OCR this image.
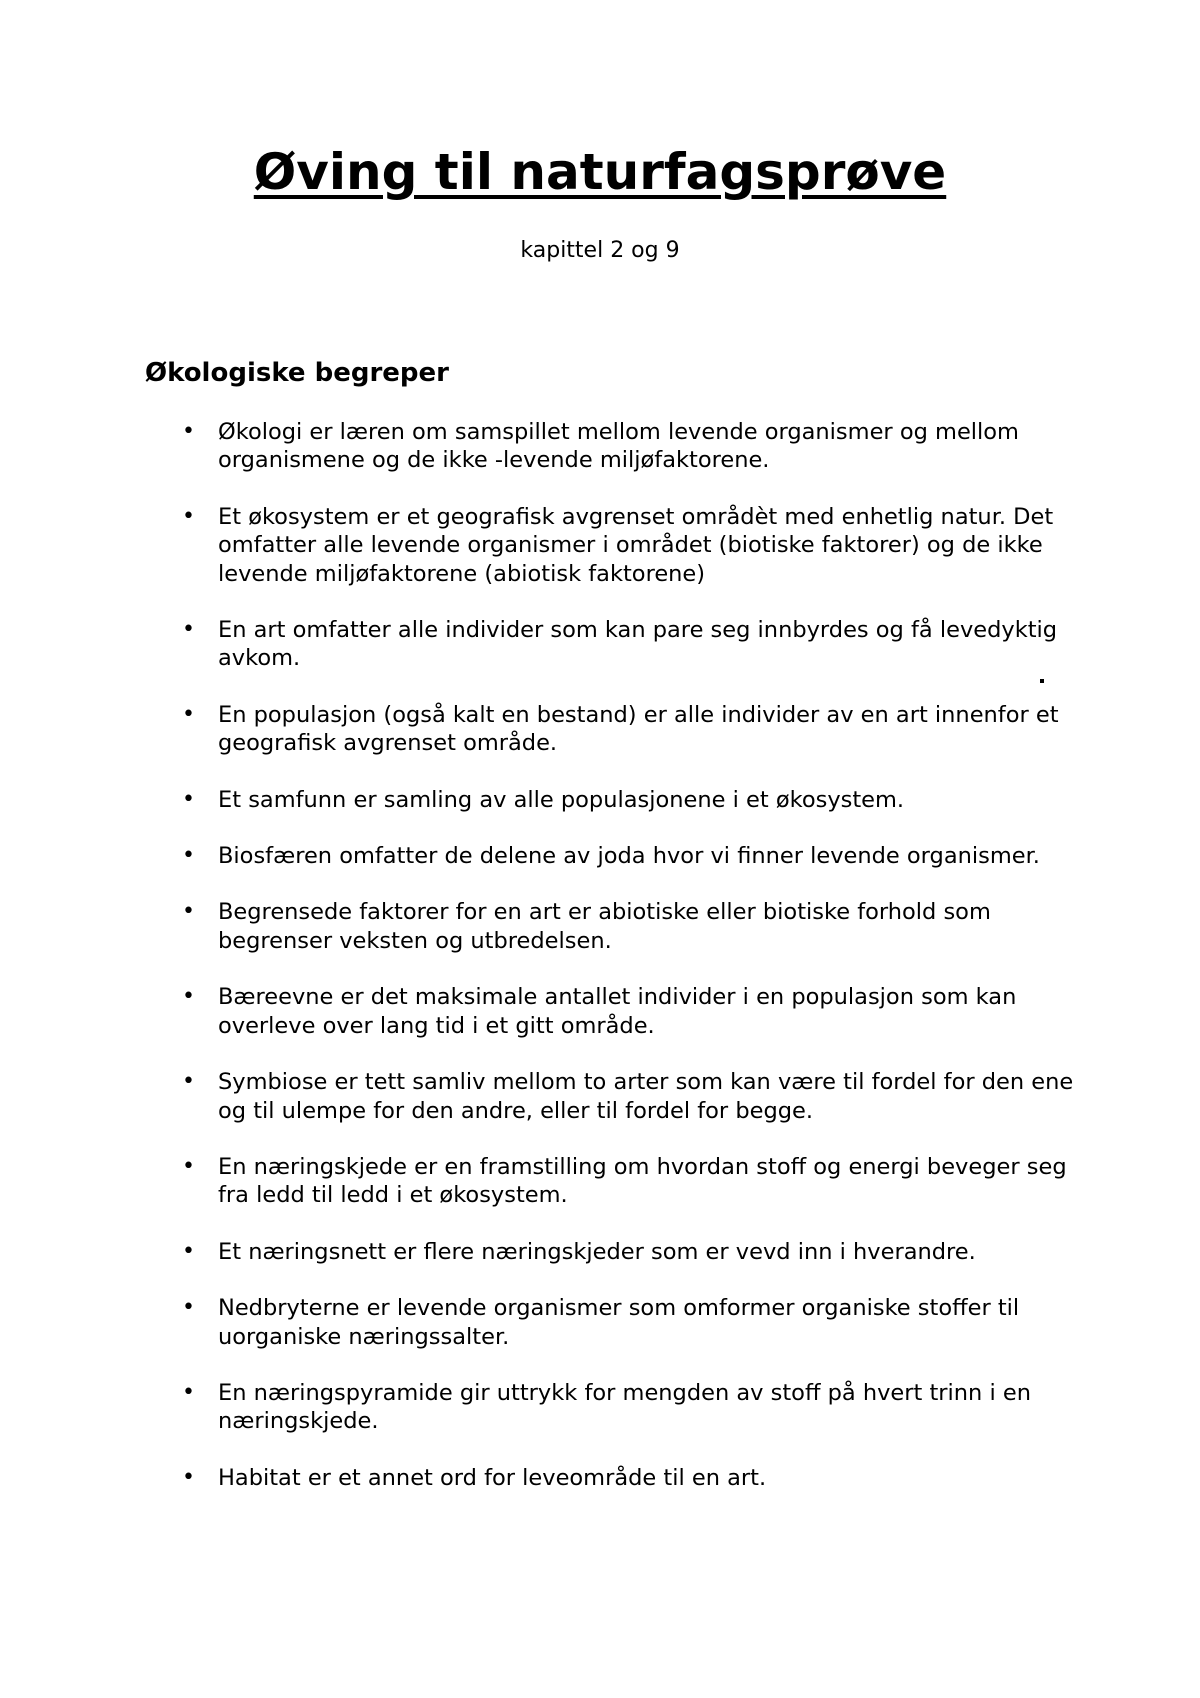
Øving til naturfagsprøve

kapittel 2 og 9

Økologiske begreper
• Økologi er læren om samspillet mellom levende organismer og mellom organismene og de ikke -levende miljøfaktorene.
• Et økosystem er et geografisk avgrenset områdèt med enhetlig natur. Det omfatter alle levende organismer i området (biotiske faktorer) og de ikke levende miljøfaktorene (abiotisk faktorene)
• En art omfatter alle individer som kan pare seg innbyrdes og få levedyktig avkom.
• En populasjon (også kalt en bestand) er alle individer av en art innenfor et geografisk avgrenset område.
• Et samfunn er samling av alle populasjonene i et økosystem.
• Biosfæren omfatter de delene av joda hvor vi finner levende organismer.
• Begrensede faktorer for en art er abiotiske eller biotiske forhold som begrenser veksten og utbredelsen.
• Bæreevne er det maksimale antallet individer i en populasjon som kan overleve over lang tid i et gitt område.
• Symbiose er tett samliv mellom to arter som kan være til fordel for den ene og til ulempe for den andre, eller til fordel for begge.
• En næringskjede er en framstilling om hvordan stoff og energi beveger seg fra ledd til ledd i et økosystem.
• Et næringsnett er flere næringskjeder som er vevd inn i hverandre.
• Nedbryterne er levende organismer som omformer organiske stoffer til uorganiske næringssalter.
• En næringspyramide gir uttrykk for mengden av stoff på hvert trinn i en næringskjede.
• Habitat er et annet ord for leveområde til en art.
